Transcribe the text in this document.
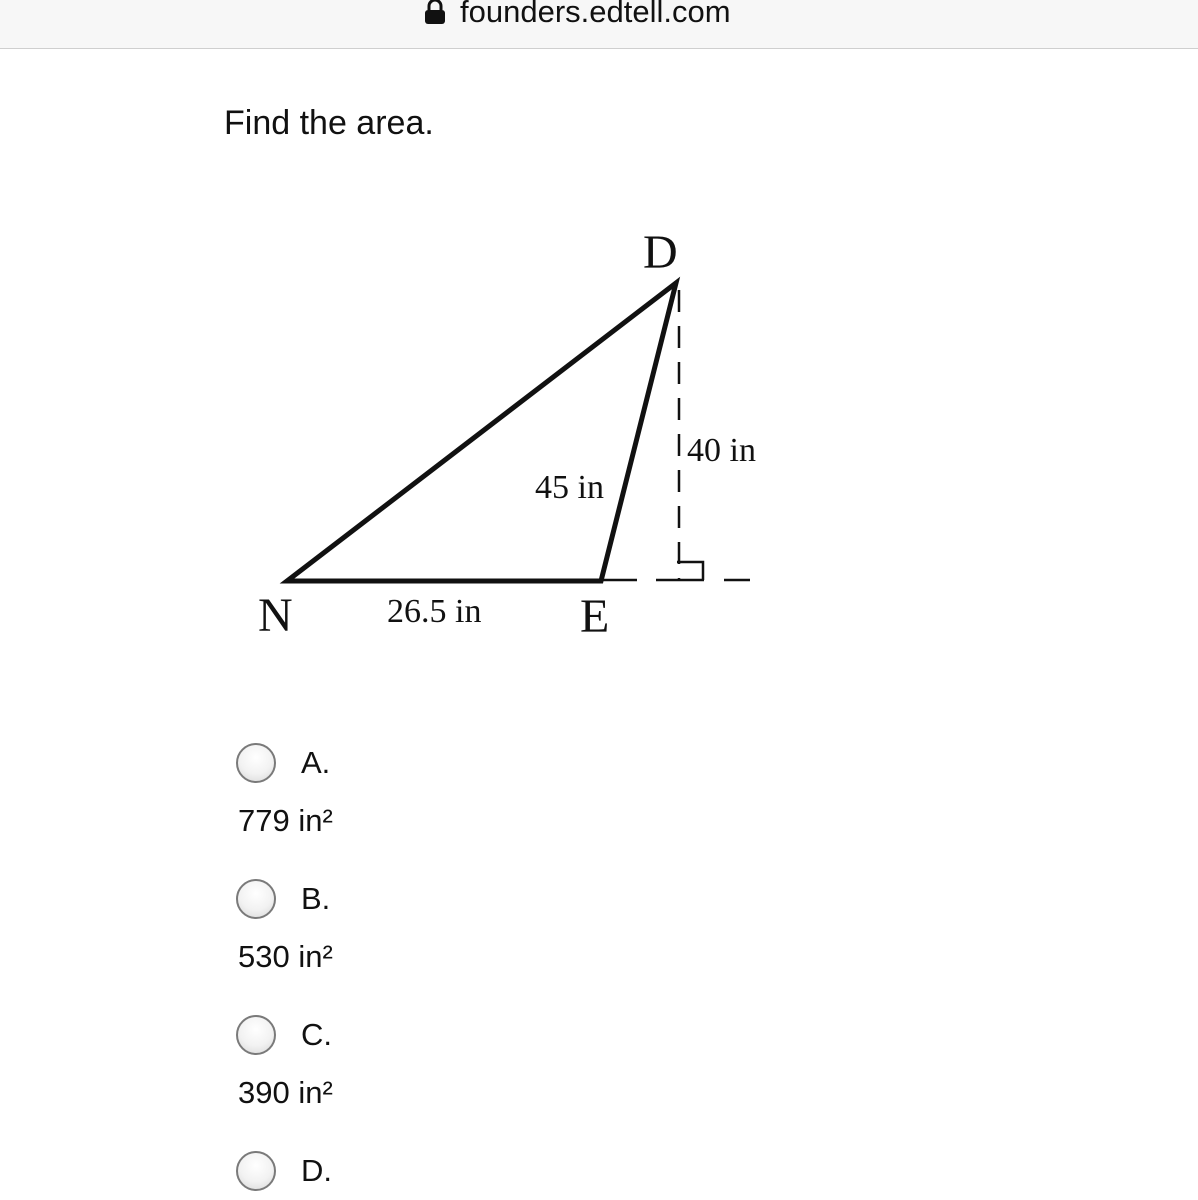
founders.edtell.com
Find the area.
D
N	E
40 in
45 in
26.5 in
A.
779 in²
B.
530 in²
C.
390 in²
D.
